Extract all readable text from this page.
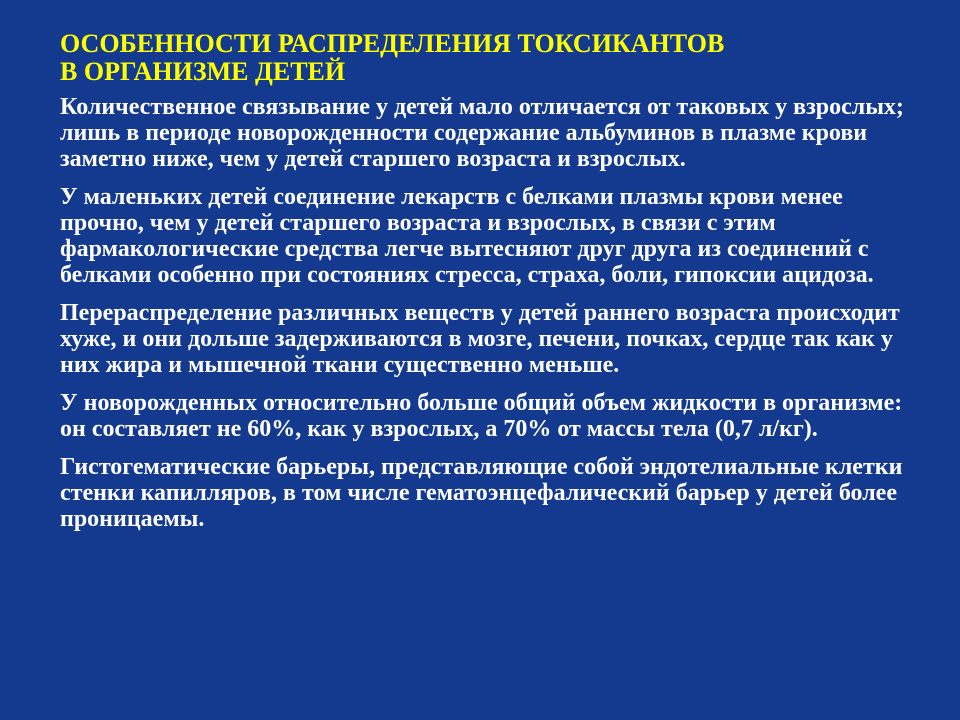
ОСОБЕННОСТИ РАСПРЕДЕЛЕНИЯ ТОКСИКАНТОВ
В ОРГАНИЗМЕ ДЕТЕЙ

Количественное связывание у детей мало отличается от таковых у взрослых; лишь в периоде новорожденности содержание альбуминов в плазме крови заметно ниже, чем у детей старшего возраста и взрослых.

У маленьких детей соединение лекарств с белками плазмы крови менее прочно, чем у детей старшего возраста и взрослых, в связи с этим фармакологические средства легче вытесняют друг друга из соединений с белками особенно при состояниях стресса, страха, боли, гипоксии ацидоза.

Перераспределение различных веществ у детей раннего возраста происходит хуже, и они дольше задерживаются в мозге, печени, почках, сердце так как у них жира и мышечной ткани существенно меньше.

У новорожденных относительно больше общий объем жидкости в организме: он составляет не 60%, как у взрослых, а 70% от массы тела (0,7 л/кг).

Гистогематические барьеры, представляющие собой эндотелиальные клетки стенки капилляров, в том числе гематоэнцефалический барьер у детей более проницаемы.
